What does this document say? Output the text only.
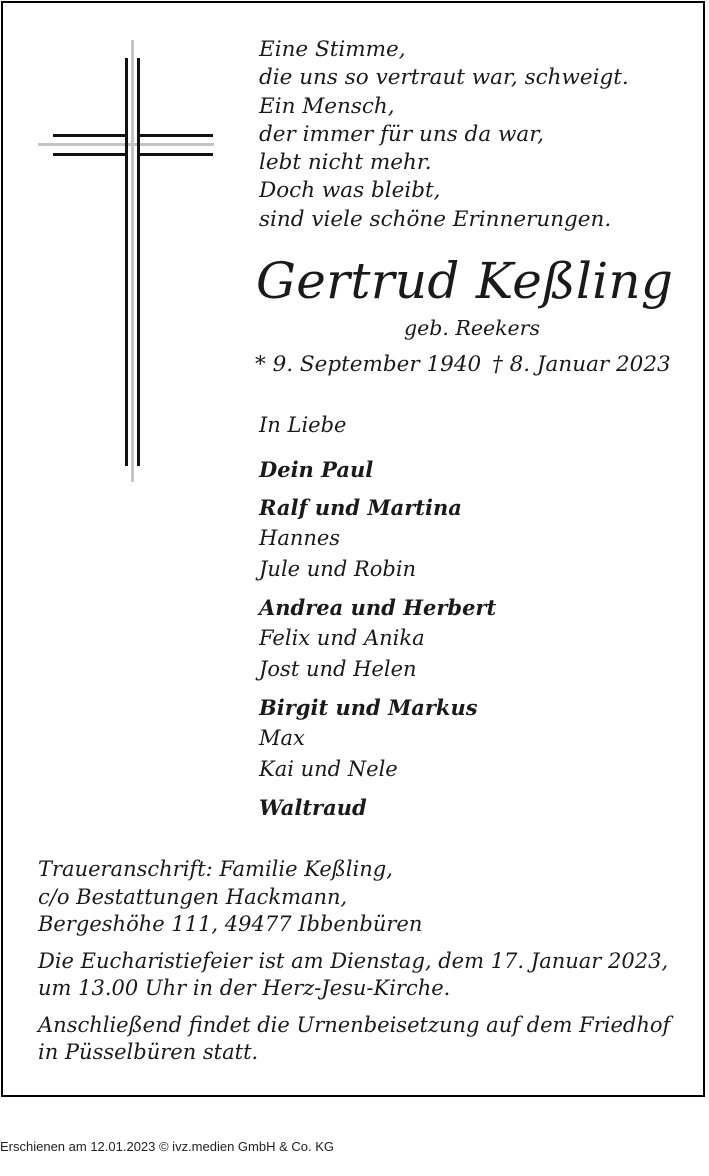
Eine Stimme,
die uns so vertraut war, schweigt.
Ein Mensch,
der immer für uns da war,
lebt nicht mehr.
Doch was bleibt,
sind viele schöne Erinnerungen.
Gertrud Keßling
geb. Reekers
* 9. September 1940 † 8. Januar 2023
In Liebe
Dein Paul
Ralf und Martina
Hannes
Jule und Robin
Andrea und Herbert
Felix und Anika
Jost und Helen
Birgit und Markus
Max
Kai und Nele
Waltraud

Traueranschrift: Familie Keßling,
c/o Bestattungen Hackmann,
Bergeshöhe 111, 49477 Ibbenbüren

Die Eucharistiefeier ist am Dienstag, dem 17. Januar 2023,
um 13.00 Uhr in der Herz-Jesu-Kirche.

Anschließend findet die Urnenbeisetzung auf dem Friedhof
in Püsselbüren statt.

Erschienen am 12.01.2023 © ivz.medien GmbH & Co. KG
